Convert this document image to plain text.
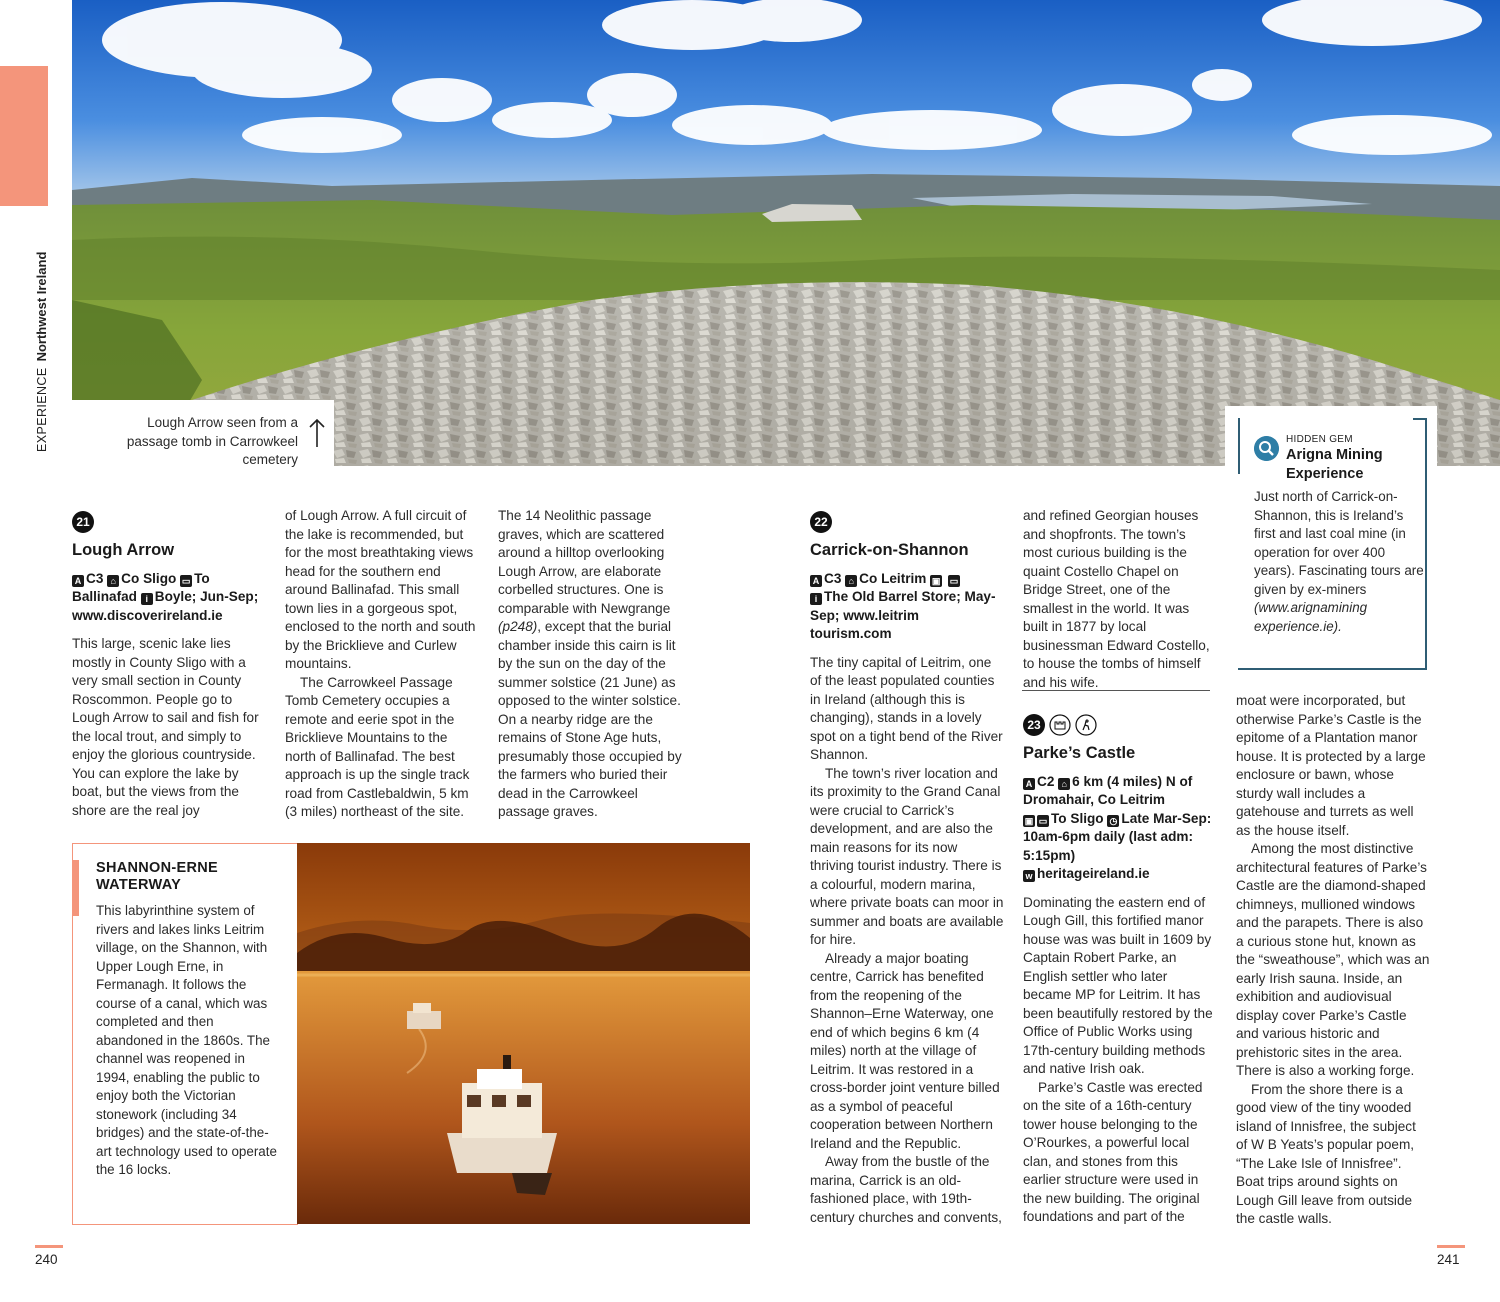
EXPERIENCENorthwest Ireland
Lough Arrow seen from a passage tomb in Carrowkeel cemetery
HIDDEN GEM
Arigna Mining Experience
Just north of Carrick-on-Shannon, this is Ireland’s first and last coal mine (in operation for over 400 years). Fascinating tours are given by ex-miners (www.arignamining experience.ie).
21
Lough Arrow
A C3 ⌂ Co Sligo ▭ To Ballinafad i Boyle; Jun-Sep; www.discoverireland.ie

This large, scenic lake lies mostly in County Sligo with a very small section in County Roscommon. People go to Lough Arrow to sail and fish for the local trout, and simply to enjoy the glorious countryside. You can explore the lake by boat, but the views from the shore are the real joy

of Lough Arrow. A full circuit of the lake is recommended, but for the most breathtaking views head for the southern end around Ballinafad. This small town lies in a gorgeous spot, enclosed to the north and south by the Bricklieve and Curlew mountains.

The Carrowkeel Passage Tomb Cemetery occupies a remote and eerie spot in the Bricklieve Mountains to the north of Ballinafad. The best approach is up the single track road from Castlebaldwin, 5 km (3 miles) northeast of the site.

The 14 Neolithic passage graves, which are scattered around a hilltop overlooking Lough Arrow, are elaborate corbelled structures. One is comparable with Newgrange (p248), except that the burial chamber inside this cairn is lit by the sun on the day of the summer solstice (21 June) as opposed to the winter solstice. On a nearby ridge are the remains of Stone Age huts, presumably those occupied by the farmers who buried their dead in the Carrowkeel passage graves.

SHANNON-ERNE WATERWAY
This labyrinthine system of rivers and lakes links Leitrim village, on the Shannon, with Upper Lough Erne, in Fermanagh. It follows the course of a canal, which was completed and then abandoned in the 1860s. The channel was reopened in 1994, enabling the public to enjoy both the Victorian stonework (including 34 bridges) and the state-of-the-art technology used to operate the 16 locks.
22
Carrick-on-Shannon
A C3 ⌂ Co Leitrim ▣ ▭
i The Old Barrel Store; May-Sep; www.leitrim tourism.com

The tiny capital of Leitrim, one of the least populated counties in Ireland (although this is changing), stands in a lovely spot on a tight bend of the River Shannon.

The town’s river location and its proximity to the Grand Canal were crucial to Carrick’s development, and are also the main reasons for its now thriving tourist industry. There is a colourful, modern marina, where private boats can moor in summer and boats are available for hire.

Already a major boating centre, Carrick has benefited from the reopening of the Shannon–Erne Waterway, one end of which begins 6 km (4 miles) north at the village of Leitrim. It was restored in a cross-border joint venture billed as a symbol of peaceful cooperation between Northern Ireland and the Republic.

Away from the bustle of the marina, Carrick is an old-fashioned place, with 19th-century churches and convents,

and refined Georgian houses and shopfronts. The town’s most curious building is the quaint Costello Chapel on Bridge Street, one of the smallest in the world. It was built in 1877 by local businessman Edward Costello, to house the tombs of himself and his wife.

23
Parke’s Castle
A C2 ⌂ 6 km (4 miles) N of Dromahair, Co Leitrim
▣ ▭ To Sligo ◷ Late Mar-Sep: 10am-6pm daily (last adm: 5:15pm)
w heritageireland.ie

Dominating the eastern end of Lough Gill, this fortified manor house was was built in 1609 by Captain Robert Parke, an English settler who later became MP for Leitrim. It has been beautifully restored by the Office of Public Works using 17th-century building methods and native Irish oak.

Parke’s Castle was erected on the site of a 16th-century tower house belonging to the O’Rourkes, a powerful local clan, and stones from this earlier structure were used in the new building. The original foundations and part of the

moat were incorporated, but otherwise Parke’s Castle is the epitome of a Plantation manor house. It is protected by a large enclosure or bawn, whose sturdy wall includes a gatehouse and turrets as well as the house itself.

Among the most distinctive architectural features of Parke’s Castle are the diamond-shaped chimneys, mullioned windows and the parapets. There is also a curious stone hut, known as the “sweathouse”, which was an early Irish sauna. Inside, an exhibition and audiovisual display cover Parke’s Castle and various historic and prehistoric sites in the area. There is also a working forge.

From the shore there is a good view of the tiny wooded island of Innisfree, the subject of W B Yeats’s popular poem, “The Lake Isle of Innisfree”. Boat trips around sights on Lough Gill leave from outside the castle walls.

240	241
